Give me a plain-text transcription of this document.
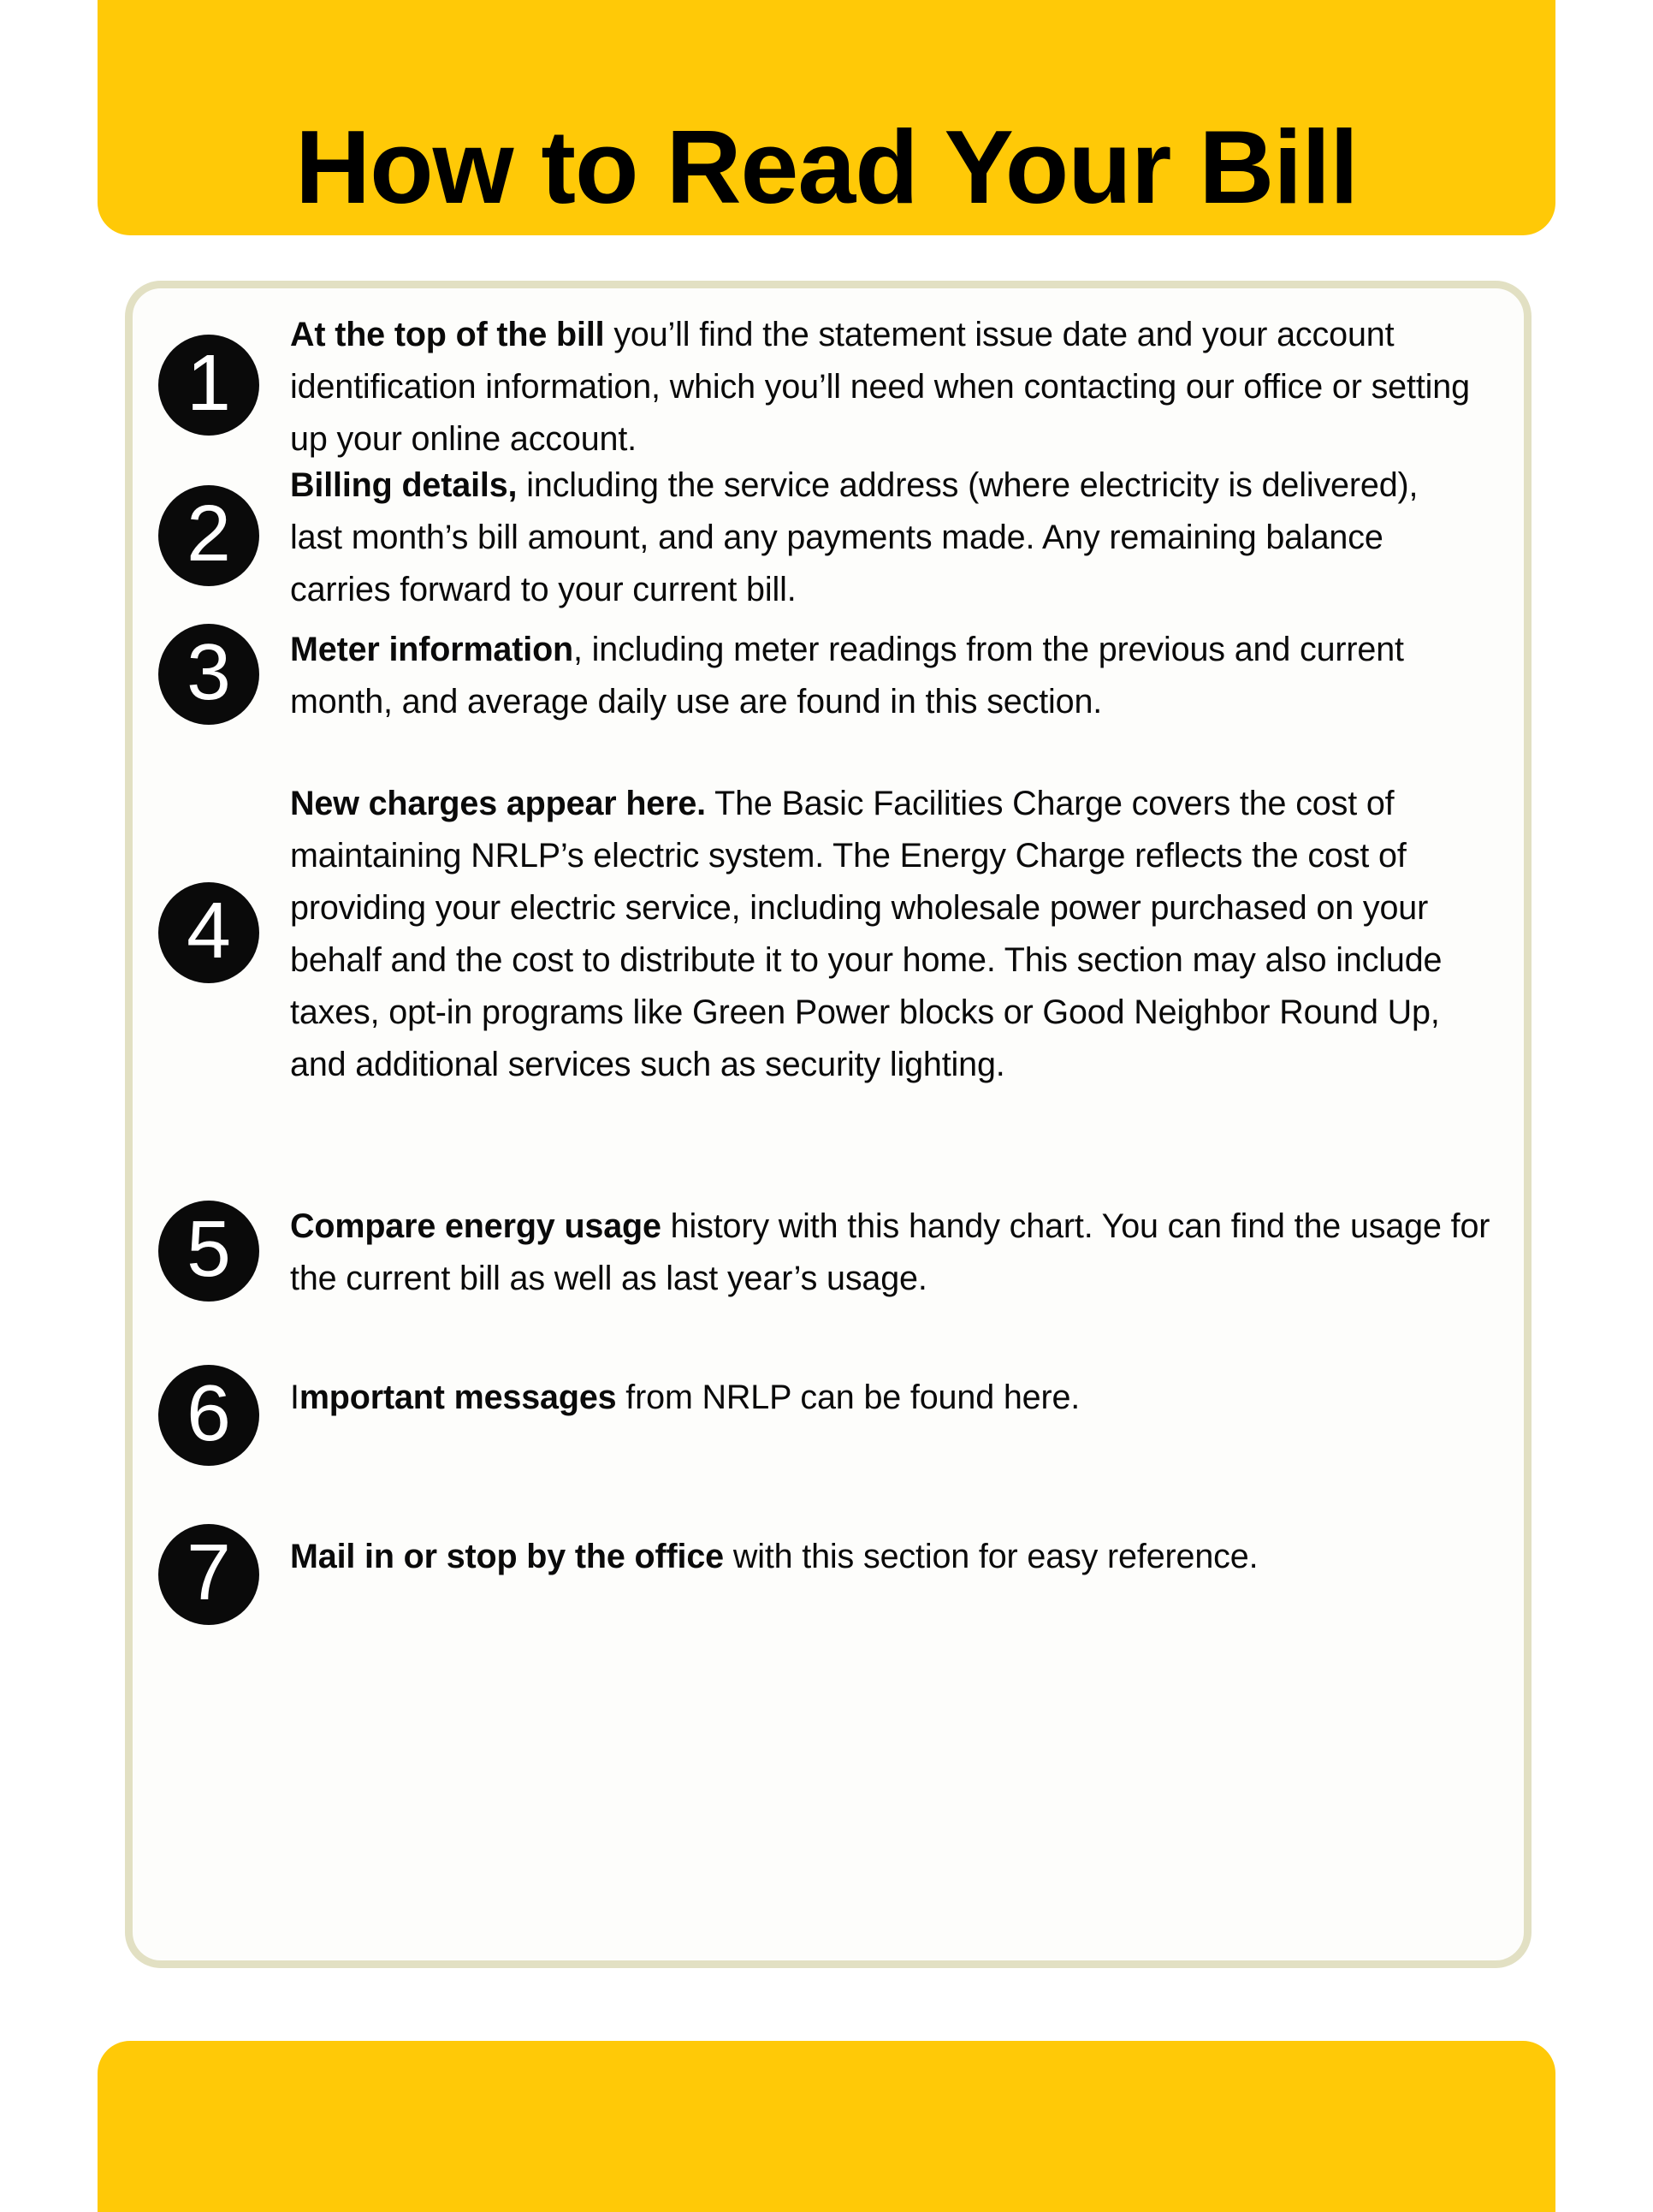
How to Read Your Bill
1
At the top of the bill you’ll find the statement issue date and your account identification information, which you’ll need when contacting our office or setting up your online account.
2
Billing details, including the service address (where electricity is delivered), last month’s bill amount, and any payments made. Any remaining balance carries forward to your current bill.
3	Meter information, including meter readings from the previous and current month, and average daily use are found in this section.
4
New charges appear here. The Basic Facilities Charge covers the cost of maintaining NRLP’s electric system. The Energy Charge reflects the cost of providing your electric service, including wholesale power purchased on your behalf and the cost to distribute it to your home. This section may also include taxes, opt-in programs like Green Power blocks or Good Neighbor Round Up, and additional services such as security lighting.
5	Compare energy usage history with this handy chart. You can find the usage for the current bill as well as last year’s usage.
6	Important messages from NRLP can be found here.
7	Mail in or stop by the office with this section for easy reference.
